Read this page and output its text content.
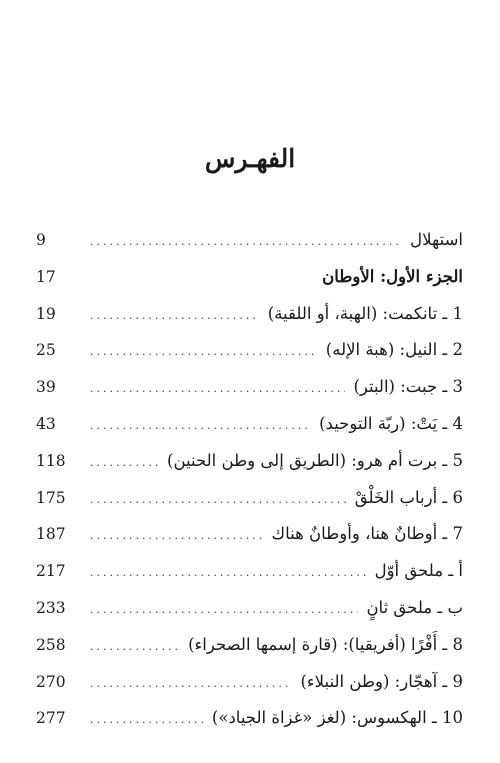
الفهـرس
استهلال
.....
9
الجزء الأول: الأوطان
17
1 ـ تانكمت: (الهبة، أو اللقية)
.....
19
2 ـ النيل: (هبة الإله)
.....
25
3 ـ جبت: (البتر)
.....
39
4 ـ يَتْ: (ربّة التوحيد)
.....
43
5 ـ برت أم هرو: (الطريق إلى وطن الحنين)
.....
118
6 ـ أرباب الخَلْقْ
.....
175
7 ـ أوطانٌ هنا، وأوطانٌ هناك
.....
187
أ ـ ملحق أوّل
.....
217
ب ـ ملحق ثانٍ
.....
233
8 ـ أَفْرًا (أفريقيا): (قارة إسمها الصحراء)
.....
258
9 ـ آهجّار: (وطن النبلاء)
.....
270
10 ـ الهكسوس: (لغز «غزاة الجياد»)
.....
277
